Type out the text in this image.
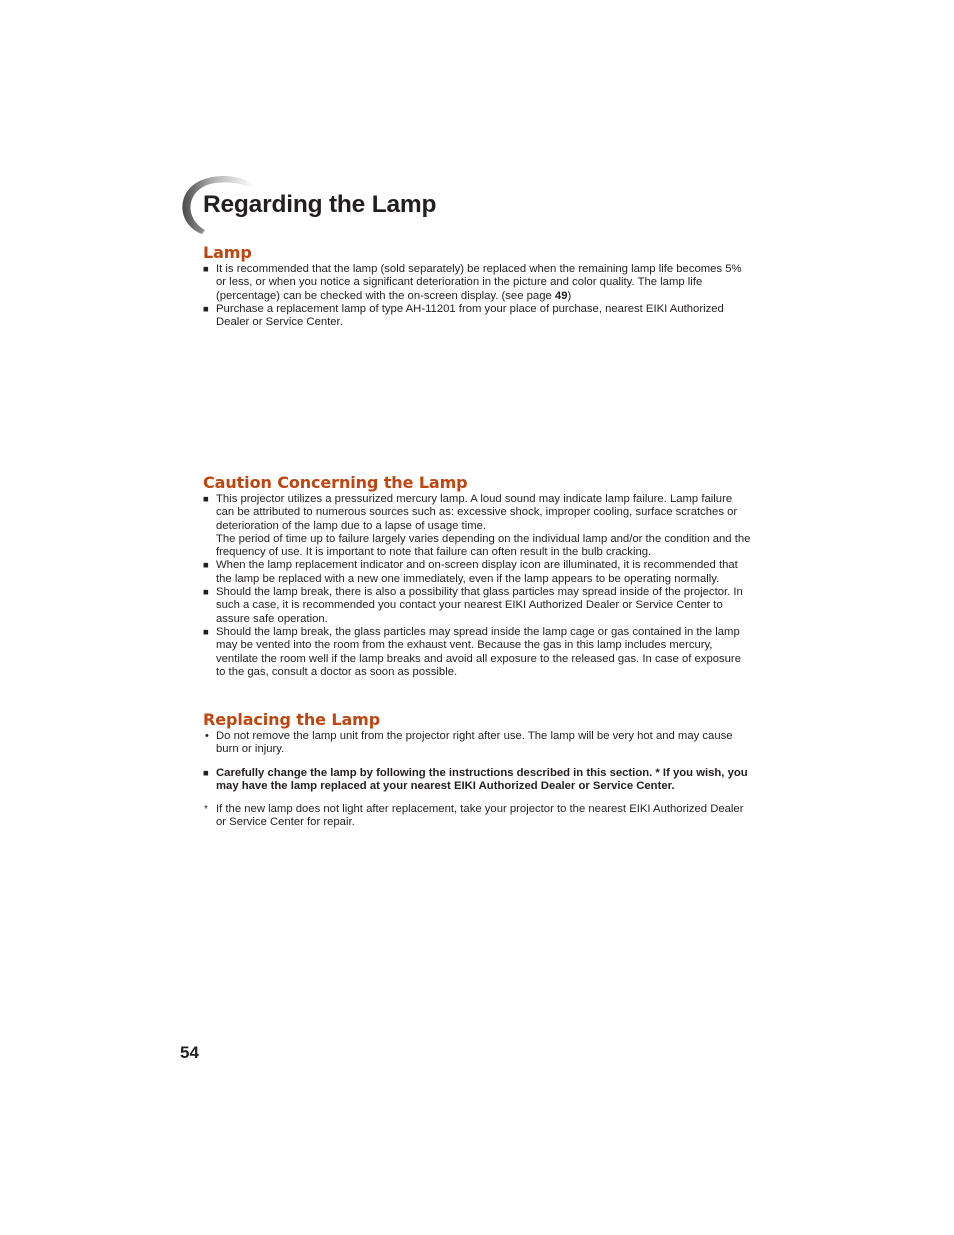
Regarding the Lamp
Lamp
■ It is recommended that the lamp (sold separately) be replaced when the remaining lamp life becomes 5% or less, or when you notice a significant deterioration in the picture and color quality. The lamp life (percentage) can be checked with the on-screen display. (see page 49)

■ Purchase a replacement lamp of type AH-11201 from your place of purchase, nearest EIKI Authorized Dealer or Service Center.

Caution Concerning the Lamp
■ This projector utilizes a pressurized mercury lamp. A loud sound may indicate lamp failure. Lamp failure can be attributed to numerous sources such as: excessive shock, improper cooling, surface scratches or deterioration of the lamp due to a lapse of usage time.

The period of time up to failure largely varies depending on the individual lamp and/or the condition and the frequency of use. It is important to note that failure can often result in the bulb cracking.

■ When the lamp replacement indicator and on-screen display icon are illuminated, it is recommended that the lamp be replaced with a new one immediately, even if the lamp appears to be operating normally.

■ Should the lamp break, there is also a possibility that glass particles may spread inside of the projector. In such a case, it is recommended you contact your nearest EIKI Authorized Dealer or Service Center to assure safe operation.

■ Should the lamp break, the glass particles may spread inside the lamp cage or gas contained in the lamp may be vented into the room from the exhaust vent. Because the gas in this lamp includes mercury, ventilate the room well if the lamp breaks and avoid all exposure to the released gas. In case of exposure to the gas, consult a doctor as soon as possible.

Replacing the Lamp
• Do not remove the lamp unit from the projector right after use. The lamp will be very hot and may cause burn or injury.

■ Carefully change the lamp by following the instructions described in this section. * If you wish, you may have the lamp replaced at your nearest EIKI Authorized Dealer or Service Center.

* If the new lamp does not light after replacement, take your projector to the nearest EIKI Authorized Dealer or Service Center for repair.

54
